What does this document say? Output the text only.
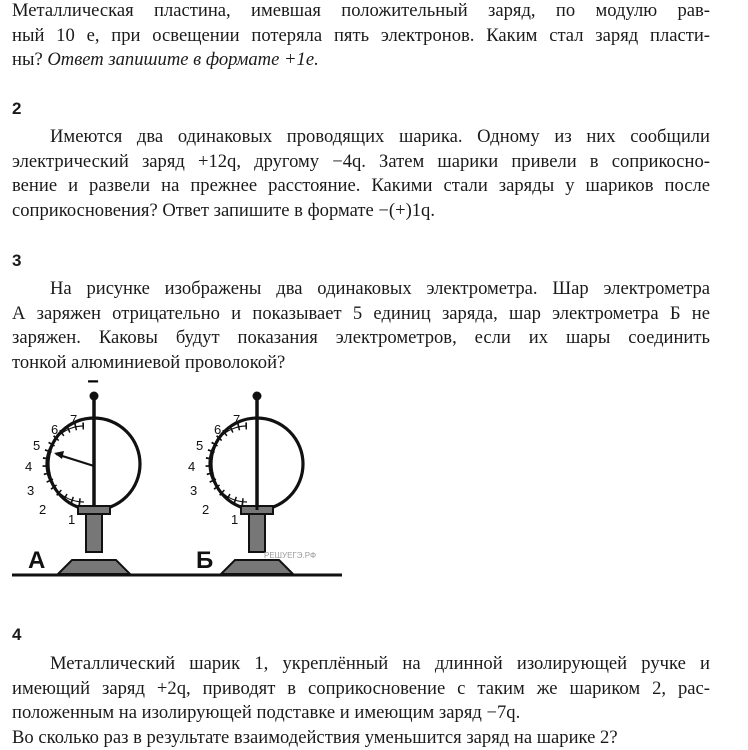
Металлическая пластина, имевшая положительный заряд, по модулю рав-
ный 10 e, при освещении потеряла пять электронов. Каким стал заряд пласти-
ны? Ответ запишите в формате +1e.
2
Имеются два одинаковых проводящих шарика. Одному из них сообщили
электрический заряд +12q, другому −4q. Затем шарики привели в соприкосно-
вение и развели на прежнее расстояние. Какими стали заряды у шариков после
соприкосновения? Ответ запишите в формате −(+)1q.
3
На рисунке изображены два одинаковых электрометра. Шар электрометра
А заряжен отрицательно и показывает 5 единиц заряда, шар электрометра Б не
заряжен. Каковы будут показания электрометров, если их шары соединить
тонкой алюминиевой проволокой?
−
1
2
3
4
5
6
7
1
2
3
4
5
6
7
А	Б	РЕШУЕГЭ.РФ
4
Металлический шарик 1, укреплённый на длинной изолирующей ручке и
имеющий заряд +2q, приводят в соприкосновение с таким же шариком 2, рас-
положенным на изолирующей подставке и имеющим заряд −7q.
Во сколько раз в результате взаимодействия уменьшится заряд на шарике 2?
